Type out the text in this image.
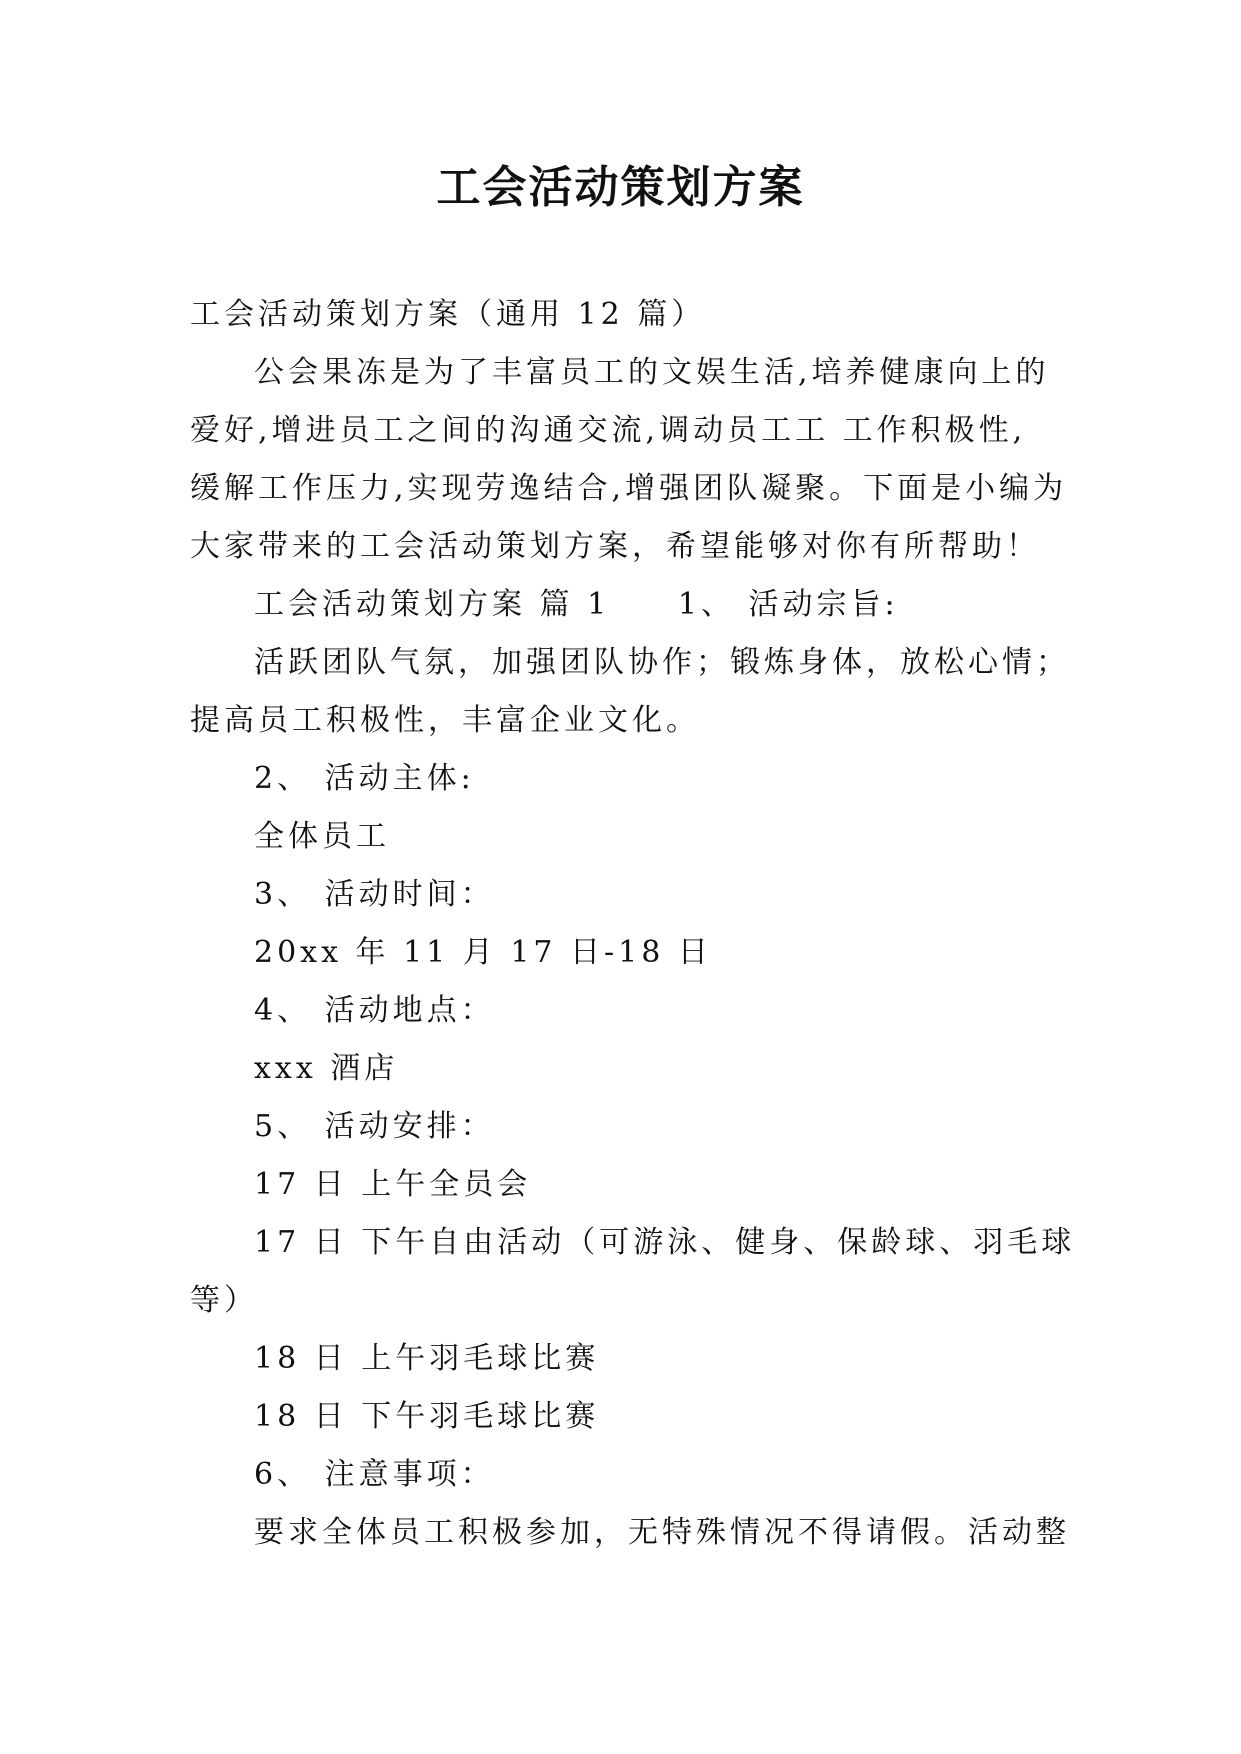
工会活动策划方案
工会活动策划方案（通用 12 篇）
公会果冻是为了丰富员工的文娱生活,培养健康向上的
爱好,增进员工之间的沟通交流,调动员工工 工作积极性,
缓解工作压力,实现劳逸结合,增强团队凝聚。下面是小编为
大家带来的工会活动策划方案，希望能够对你有所帮助！
工会活动策划方案 篇 1     1、 活动宗旨:
活跃团队气氛，加强团队协作；锻炼身体，放松心情；
提高员工积极性，丰富企业文化。
2、 活动主体:
全体员工
3、 活动时间：
20xx 年 11 月 17 日-18 日
4、 活动地点：
xxx 酒店
5、 活动安排：
17 日 上午全员会
17 日 下午自由活动（可游泳、健身、保龄球、羽毛球
等）
18 日 上午羽毛球比赛
18 日 下午羽毛球比赛
6、 注意事项：
要求全体员工积极参加，无特殊情况不得请假。活动整
